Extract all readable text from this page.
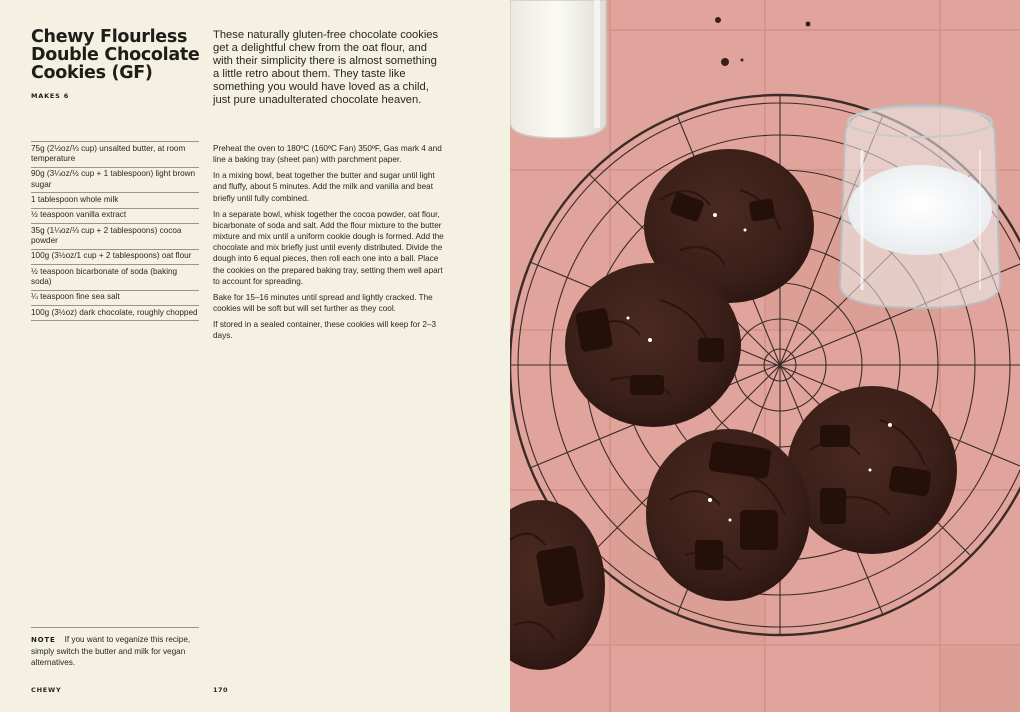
Chewy Flourless Double Chocolate Cookies (GF)
MAKES 6
These naturally gluten-free chocolate cookies get a delightful chew from the oat flour, and with their simplicity there is almost something a little retro about them. They taste like something you would have loved as a child, just pure unadulterated chocolate heaven.
75g (2½oz/⅓ cup) unsalted butter, at room temperature
90g (3¼oz/½ cup + 1 tablespoon) light brown sugar
1 tablespoon whole milk
½ teaspoon vanilla extract
35g (1¼oz/⅓ cup + 2 tablespoons) cocoa powder
100g (3½oz/1 cup + 2 tablespoons) oat flour
½ teaspoon bicarbonate of soda (baking soda)
¼ teaspoon fine sea salt
100g (3½oz) dark chocolate, roughly chopped

Preheat the oven to 180ºC (160ºC Fan) 350ºF, Gas mark 4 and line a baking tray (sheet pan) with parchment paper.

In a mixing bowl, beat together the butter and sugar until light and fluffy, about 5 minutes. Add the milk and vanilla and beat briefly until fully combined.

In a separate bowl, whisk together the cocoa powder, oat flour, bicarbonate of soda and salt. Add the flour mixture to the butter mixture and mix until a uniform cookie dough is formed. Add the chocolate and mix briefly just until evenly distributed. Divide the dough into 6 equal pieces, then roll each one into a ball. Place the cookies on the prepared baking tray, setting them well apart to account for spreading.

Bake for 15–16 minutes until spread and lightly cracked. The cookies will be soft but will set further as they cool.

If stored in a sealed container, these cookies will keep for 2–3 days.

NOTE If you want to veganize this recipe, simply switch the butter and milk for vegan alternatives.
CHEWY	170
